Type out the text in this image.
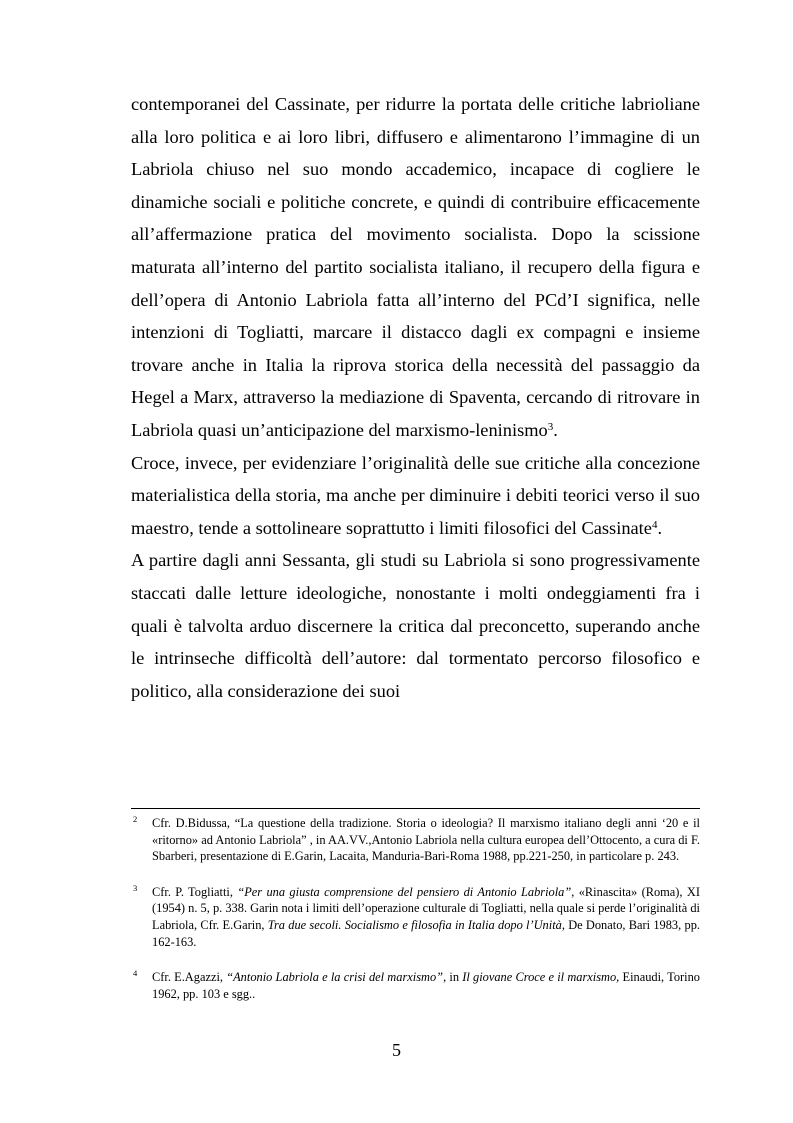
contemporanei del Cassinate, per ridurre la portata delle critiche labrioliane alla loro politica e ai loro libri, diffusero e alimentarono l’immagine di un Labriola chiuso nel suo mondo accademico, incapace di cogliere le dinamiche sociali e politiche concrete, e quindi di contribuire efficacemente all’affermazione pratica del movimento socialista. Dopo la scissione maturata all’interno del partito socialista italiano, il recupero della figura e dell’opera di Antonio Labriola fatta all’interno del PCd’I significa, nelle intenzioni di Togliatti, marcare il distacco dagli ex compagni e insieme trovare anche in Italia la riprova storica della necessità del passaggio da Hegel a Marx, attraverso la mediazione di Spaventa, cercando di ritrovare in Labriola quasi un’anticipazione del marxismo-leninismo$^3$.

Croce, invece, per evidenziare l’originalità delle sue critiche alla concezione materialistica della storia, ma anche per diminuire i debiti teorici verso il suo maestro, tende a sottolineare soprattutto i limiti filosofici del Cassinate$^4$.

A partire dagli anni Sessanta, gli studi su Labriola si sono progressivamente staccati dalle letture ideologiche, nonostante i molti ondeggiamenti fra i quali è talvolta arduo discernere la critica dal preconcetto, superando anche le intrinseche difficoltà dell’autore: dal tormentato percorso filosofico e politico, alla considerazione dei suoi

2 Cfr. D.Bidussa, “La questione della tradizione. Storia o ideologia? Il marxismo italiano degli anni ‘20 e il «ritorno» ad Antonio Labriola” , in AA.VV.,Antonio Labriola nella cultura europea dell’Ottocento, a cura di F. Sbarberi, presentazione di E.Garin, Lacaita, Manduria-Bari-Roma 1988, pp.221-250, in particolare p. 243.
3 Cfr. P. Togliatti, “Per una giusta comprensione del pensiero di Antonio Labriola”, «Rinascita» (Roma), XI (1954) n. 5, p. 338. Garin nota i limiti dell’operazione culturale di Togliatti, nella quale si perde l’originalità di Labriola, Cfr. E.Garin, Tra due secoli. Socialismo e filosofia in Italia dopo l’Unità, De Donato, Bari 1983, pp. 162-163.
4 Cfr. E.Agazzi, “Antonio Labriola e la crisi del marxismo”, in Il giovane Croce e il marxismo, Einaudi, Torino 1962, pp. 103 e sgg..
5
